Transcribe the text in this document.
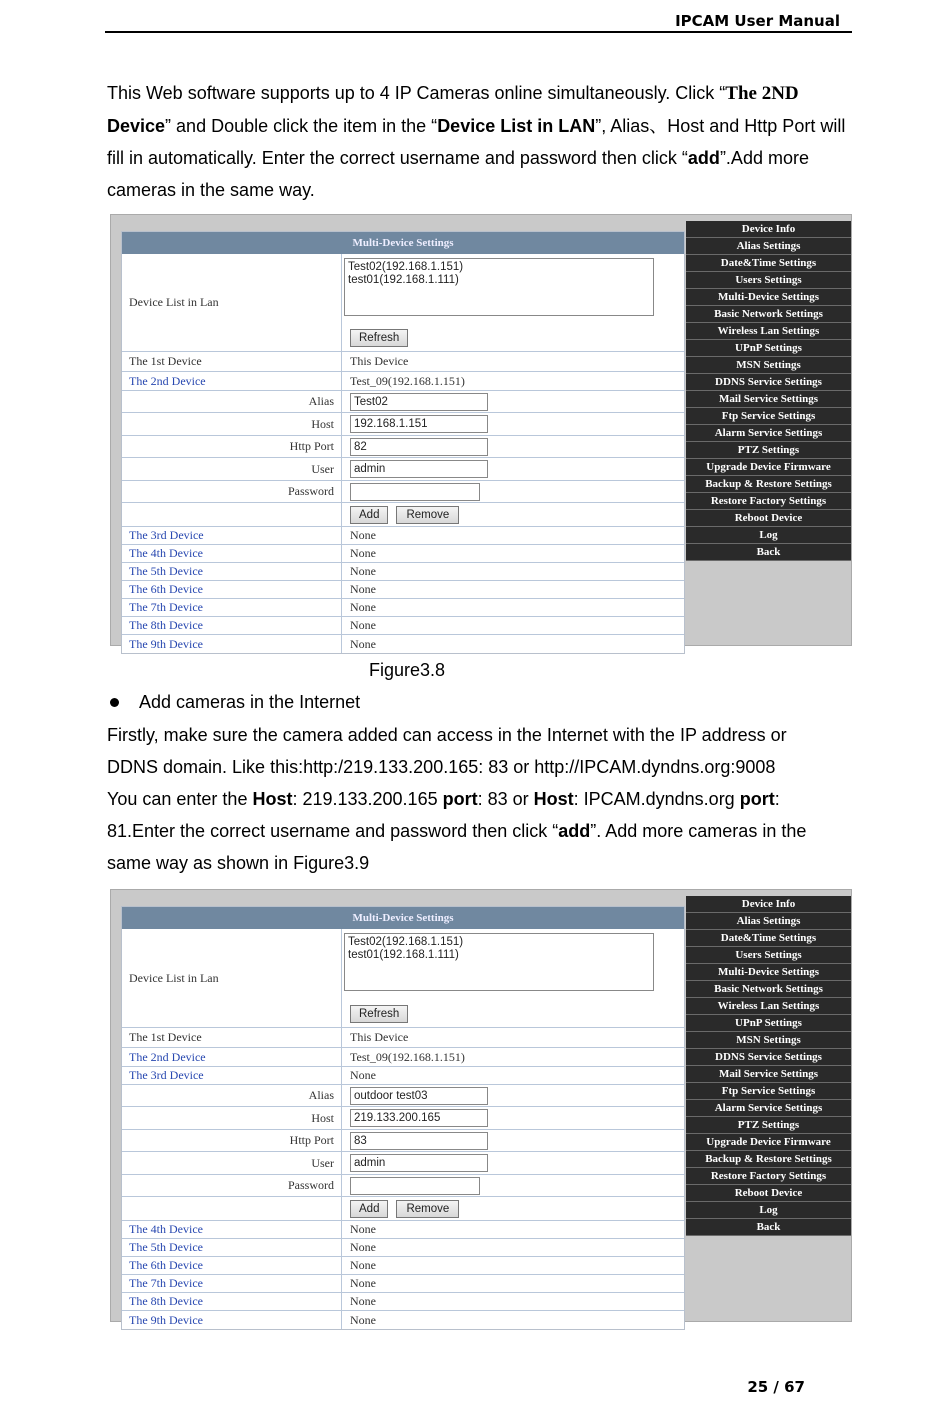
IPCAM User Manual
This Web software supports up to 4 IP Cameras online simultaneously. Click “The 2ND
Device” and Double click the item in the “Device List in LAN”, Alias、Host and Http Port will fill in automatically. Enter the correct username and password then click “add”.Add more cameras in the same way.
Multi-Device Settings
Device List in Lan
Test02(192.168.1.151)
test01(192.168.1.111)
Refresh
The 1st Device	This Device
The 2nd Device	Test_09(192.168.1.151)
Alias	Test02
Host	192.168.1.151
Http Port	82
User	admin
Password
Add	Remove
The 3rd Device	None
The 4th Device	None
The 5th Device	None
The 6th Device	None
The 7th Device	None
The 8th Device	None
The 9th Device	None
Device Info
Alias Settings
Date&Time Settings
Users Settings
Multi-Device Settings
Basic Network Settings
Wireless Lan Settings
UPnP Settings
MSN Settings
DDNS Service Settings
Mail Service Settings
Ftp Service Settings
Alarm Service Settings
PTZ Settings
Upgrade Device Firmware
Backup & Restore Settings
Restore Factory Settings
Reboot Device
Log
Back
Figure3.8
Add cameras in the Internet
Firstly, make sure the camera added can access in the Internet with the IP address or
DDNS domain. Like this:http:/219.133.200.165: 83 or http://IPCAM.dyndns.org:9008
You can enter the Host: 219.133.200.165 port: 83 or Host: IPCAM.dyndns.org port:
81.Enter the correct username and password then click “add”. Add more cameras in the
same way as shown in Figure3.9
Multi-Device Settings
Device List in Lan
Test02(192.168.1.151)
test01(192.168.1.111)
Refresh
The 1st Device	This Device
The 2nd Device	Test_09(192.168.1.151)
The 3rd Device	None
Alias	outdoor test03
Host	219.133.200.165
Http Port	83
User	admin
Password
Add	Remove
The 4th Device	None
The 5th Device	None
The 6th Device	None
The 7th Device	None
The 8th Device	None
The 9th Device	None
Device Info
Alias Settings
Date&Time Settings
Users Settings
Multi-Device Settings
Basic Network Settings
Wireless Lan Settings
UPnP Settings
MSN Settings
DDNS Service Settings
Mail Service Settings
Ftp Service Settings
Alarm Service Settings
PTZ Settings
Upgrade Device Firmware
Backup & Restore Settings
Restore Factory Settings
Reboot Device
Log
Back
25 / 67
